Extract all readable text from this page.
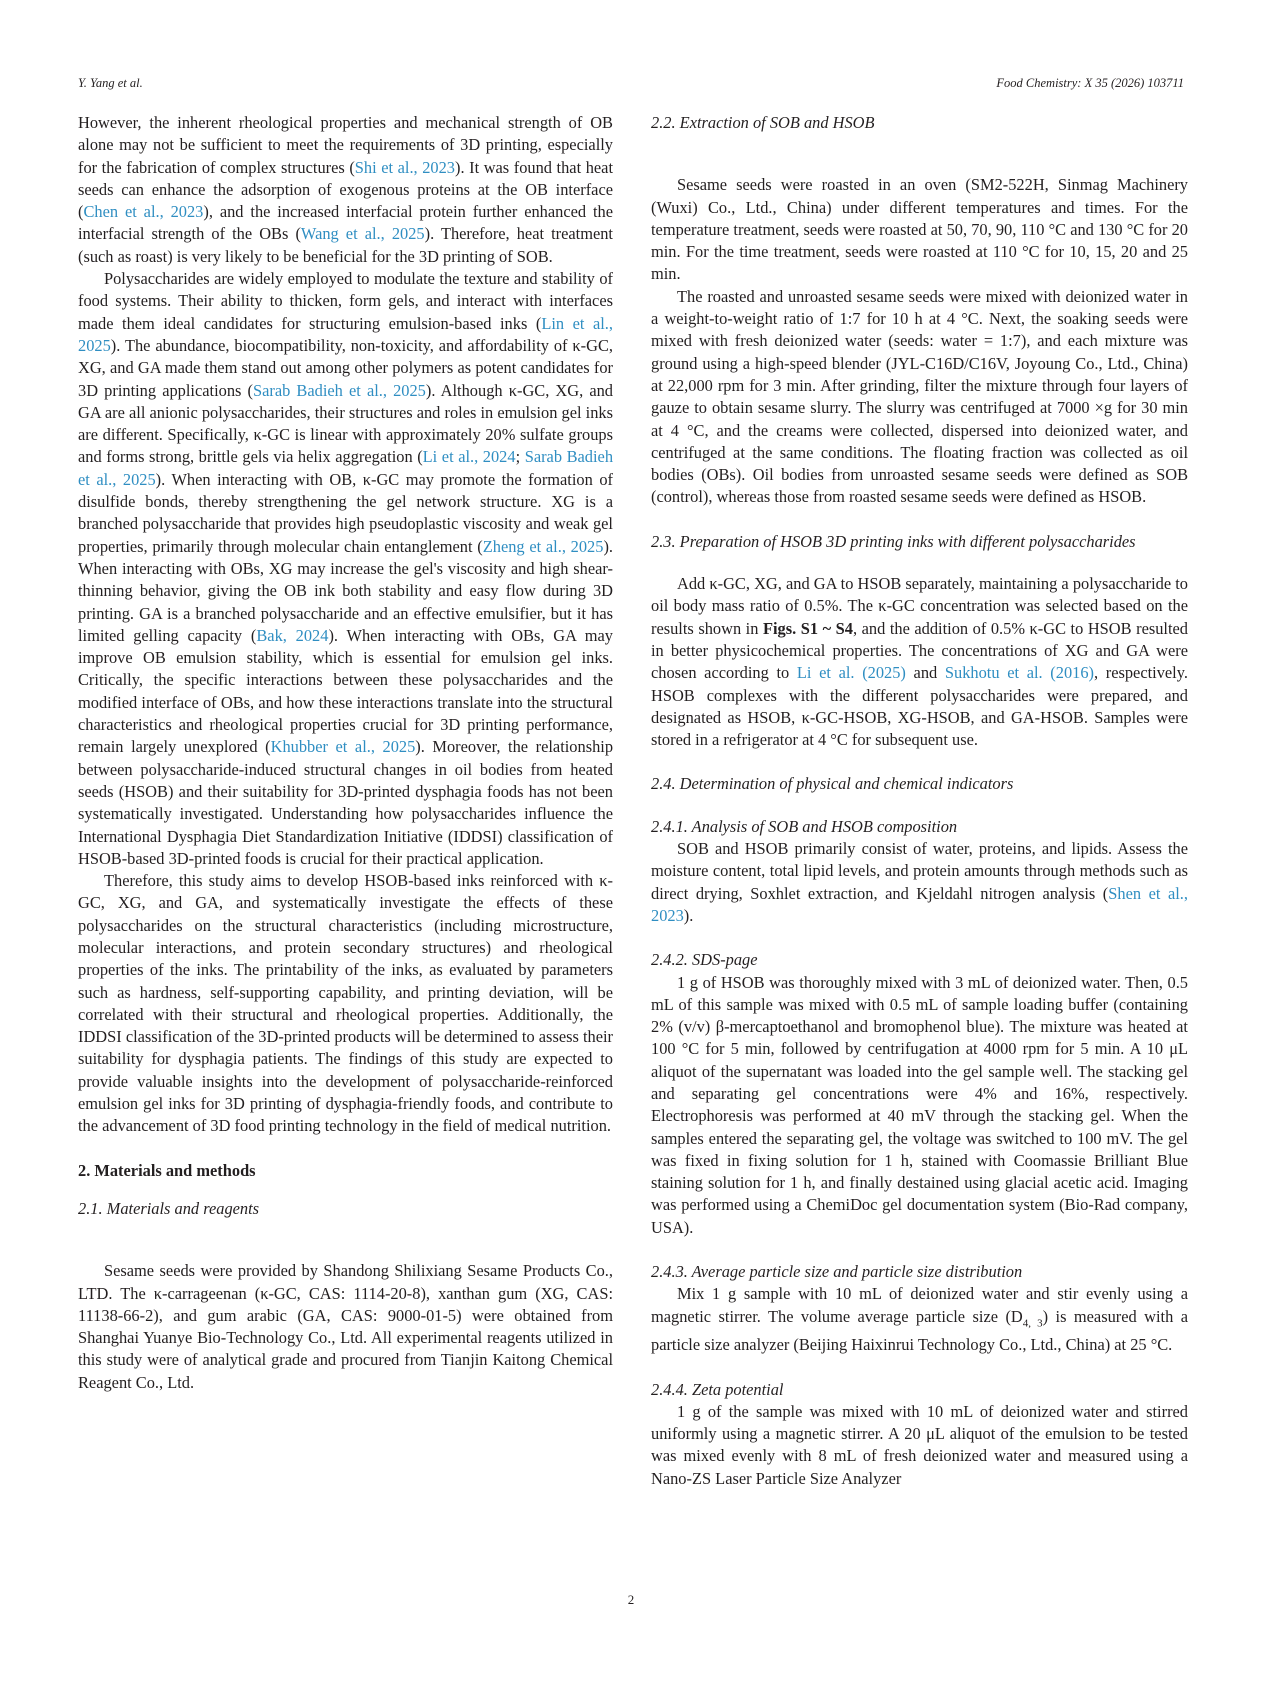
Y. Yang et al.	Food Chemistry: X 35 (2026) 103711

However, the inherent rheological properties and mechanical strength of OB alone may not be sufficient to meet the requirements of 3D printing, especially for the fabrication of complex structures (Shi et al., 2023). It was found that heat seeds can enhance the adsorption of exogenous proteins at the OB interface (Chen et al., 2023), and the increased interfacial protein further enhanced the interfacial strength of the OBs (Wang et al., 2025). Therefore, heat treatment (such as roast) is very likely to be beneficial for the 3D printing of SOB.

Polysaccharides are widely employed to modulate the texture and stability of food systems. Their ability to thicken, form gels, and interact with interfaces made them ideal candidates for structuring emulsion-based inks (Lin et al., 2025). The abundance, biocompatibility, non-toxicity, and affordability of κ-GC, XG, and GA made them stand out among other polymers as potent candidates for 3D printing applications (Sarab Badieh et al., 2025). Although κ-GC, XG, and GA are all anionic polysaccharides, their structures and roles in emulsion gel inks are different. Specifically, κ-GC is linear with approximately 20% sulfate groups and forms strong, brittle gels via helix aggregation (Li et al., 2024; Sarab Badieh et al., 2025). When interacting with OB, κ-GC may promote the formation of disulfide bonds, thereby strengthening the gel network structure. XG is a branched polysaccharide that provides high pseudoplastic viscosity and weak gel properties, primarily through molecular chain entanglement (Zheng et al., 2025). When interacting with OBs, XG may increase the gel's viscosity and high shear-thinning behavior, giving the OB ink both stability and easy flow during 3D printing. GA is a branched polysaccharide and an effective emulsifier, but it has limited gelling capacity (Bak, 2024). When interacting with OBs, GA may improve OB emulsion stability, which is essential for emulsion gel inks. Critically, the specific interactions between these polysaccharides and the modified interface of OBs, and how these interactions translate into the structural characteristics and rheological properties crucial for 3D printing performance, remain largely unexplored (Khubber et al., 2025). Moreover, the relationship between polysaccharide-induced structural changes in oil bodies from heated seeds (HSOB) and their suitability for 3D-printed dysphagia foods has not been systematically investigated. Understanding how polysaccharides influence the International Dysphagia Diet Standardization Initiative (IDDSI) classification of HSOB-based 3D-printed foods is crucial for their practical application.

Therefore, this study aims to develop HSOB-based inks reinforced with κ-GC, XG, and GA, and systematically investigate the effects of these polysaccharides on the structural characteristics (including microstructure, molecular interactions, and protein secondary structures) and rheological properties of the inks. The printability of the inks, as evaluated by parameters such as hardness, self-supporting capability, and printing deviation, will be correlated with their structural and rheological properties. Additionally, the IDDSI classification of the 3D-printed products will be determined to assess their suitability for dysphagia patients. The findings of this study are expected to provide valuable insights into the development of polysaccharide-reinforced emulsion gel inks for 3D printing of dysphagia-friendly foods, and contribute to the advancement of 3D food printing technology in the field of medical nutrition.

2. Materials and methods
2.1. Materials and reagents

Sesame seeds were provided by Shandong Shilixiang Sesame Products Co., LTD. The κ-carrageenan (κ-GC, CAS: 1114-20-8), xanthan gum (XG, CAS: 11138-66-2), and gum arabic (GA, CAS: 9000-01-5) were obtained from Shanghai Yuanye Bio-Technology Co., Ltd. All experimental reagents utilized in this study were of analytical grade and procured from Tianjin Kaitong Chemical Reagent Co., Ltd.

2.2. Extraction of SOB and HSOB

Sesame seeds were roasted in an oven (SM2-522H, Sinmag Machinery (Wuxi) Co., Ltd., China) under different temperatures and times. For the temperature treatment, seeds were roasted at 50, 70, 90, 110 °C and 130 °C for 20 min. For the time treatment, seeds were roasted at 110 °C for 10, 15, 20 and 25 min.

The roasted and unroasted sesame seeds were mixed with deionized water in a weight-to-weight ratio of 1:7 for 10 h at 4 °C. Next, the soaking seeds were mixed with fresh deionized water (seeds: water = 1:7), and each mixture was ground using a high-speed blender (JYL-C16D/C16V, Joyoung Co., Ltd., China) at 22,000 rpm for 3 min. After grinding, filter the mixture through four layers of gauze to obtain sesame slurry. The slurry was centrifuged at 7000 ×g for 30 min at 4 °C, and the creams were collected, dispersed into deionized water, and centrifuged at the same conditions. The floating fraction was collected as oil bodies (OBs). Oil bodies from unroasted sesame seeds were defined as SOB (control), whereas those from roasted sesame seeds were defined as HSOB.

2.3. Preparation of HSOB 3D printing inks with different polysaccharides

Add κ-GC, XG, and GA to HSOB separately, maintaining a polysaccharide to oil body mass ratio of 0.5%. The κ-GC concentration was selected based on the results shown in Figs. S1 ~ S4, and the addition of 0.5% κ-GC to HSOB resulted in better physicochemical properties. The concentrations of XG and GA were chosen according to Li et al. (2025) and Sukhotu et al. (2016), respectively. HSOB complexes with the different polysaccharides were prepared, and designated as HSOB, κ-GC-HSOB, XG-HSOB, and GA-HSOB. Samples were stored in a refrigerator at 4 °C for subsequent use.

2.4. Determination of physical and chemical indicators
2.4.1. Analysis of SOB and HSOB composition

SOB and HSOB primarily consist of water, proteins, and lipids. Assess the moisture content, total lipid levels, and protein amounts through methods such as direct drying, Soxhlet extraction, and Kjeldahl nitrogen analysis (Shen et al., 2023).

2.4.2. SDS-page

1 g of HSOB was thoroughly mixed with 3 mL of deionized water. Then, 0.5 mL of this sample was mixed with 0.5 mL of sample loading buffer (containing 2% (v/v) β-mercaptoethanol and bromophenol blue). The mixture was heated at 100 °C for 5 min, followed by centrifugation at 4000 rpm for 5 min. A 10 μL aliquot of the supernatant was loaded into the gel sample well. The stacking gel and separating gel concentrations were 4% and 16%, respectively. Electrophoresis was performed at 40 mV through the stacking gel. When the samples entered the separating gel, the voltage was switched to 100 mV. The gel was fixed in fixing solution for 1 h, stained with Coomassie Brilliant Blue staining solution for 1 h, and finally destained using glacial acetic acid. Imaging was performed using a ChemiDoc gel documentation system (Bio-Rad company, USA).

2.4.3. Average particle size and particle size distribution

Mix 1 g sample with 10 mL of deionized water and stir evenly using a magnetic stirrer. The volume average particle size $(D_{4, 3})$ is measured with a particle size analyzer (Beijing Haixinrui Technology Co., Ltd., China) at 25 °C.

2.4.4. Zeta potential

1 g of the sample was mixed with 10 mL of deionized water and stirred uniformly using a magnetic stirrer. A 20 μL aliquot of the emulsion to be tested was mixed evenly with 8 mL of fresh deionized water and measured using a Nano-ZS Laser Particle Size Analyzer

2
